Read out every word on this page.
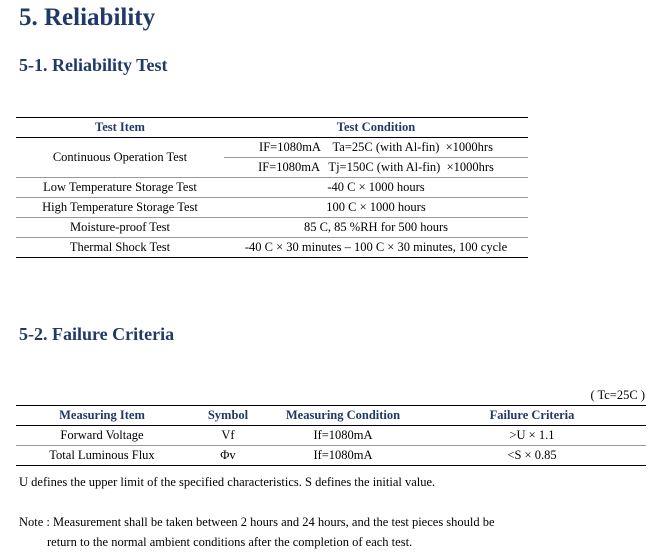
5. Reliability
5-1. Reliability Test
Test Item	Test Condition
Continuous Operation Test	IF=1080mA    Ta=25C (with Al-fin)  ×1000hrs
	IF=1080mA   Tj=150C (with Al-fin)  ×1000hrs
Low Temperature Storage Test	-40 C × 1000 hours
High Temperature Storage Test	100 C × 1000 hours
Moisture-proof Test	85 C, 85 %RH for 500 hours
Thermal Shock Test	-40 C × 30 minutes – 100 C × 30 minutes, 100 cycle
5-2. Failure Criteria
( Tc=25C )
Measuring Item	Symbol	Measuring Condition	Failure Criteria
Forward Voltage	Vf	If=1080mA	>U × 1.1
Total Luminous Flux	Φv	If=1080mA	<S × 0.85
U defines the upper limit of the specified characteristics. S defines the initial value.
Note : Measurement shall be taken between 2 hours and 24 hours, and the test pieces should be
return to the normal ambient conditions after the completion of each test.
